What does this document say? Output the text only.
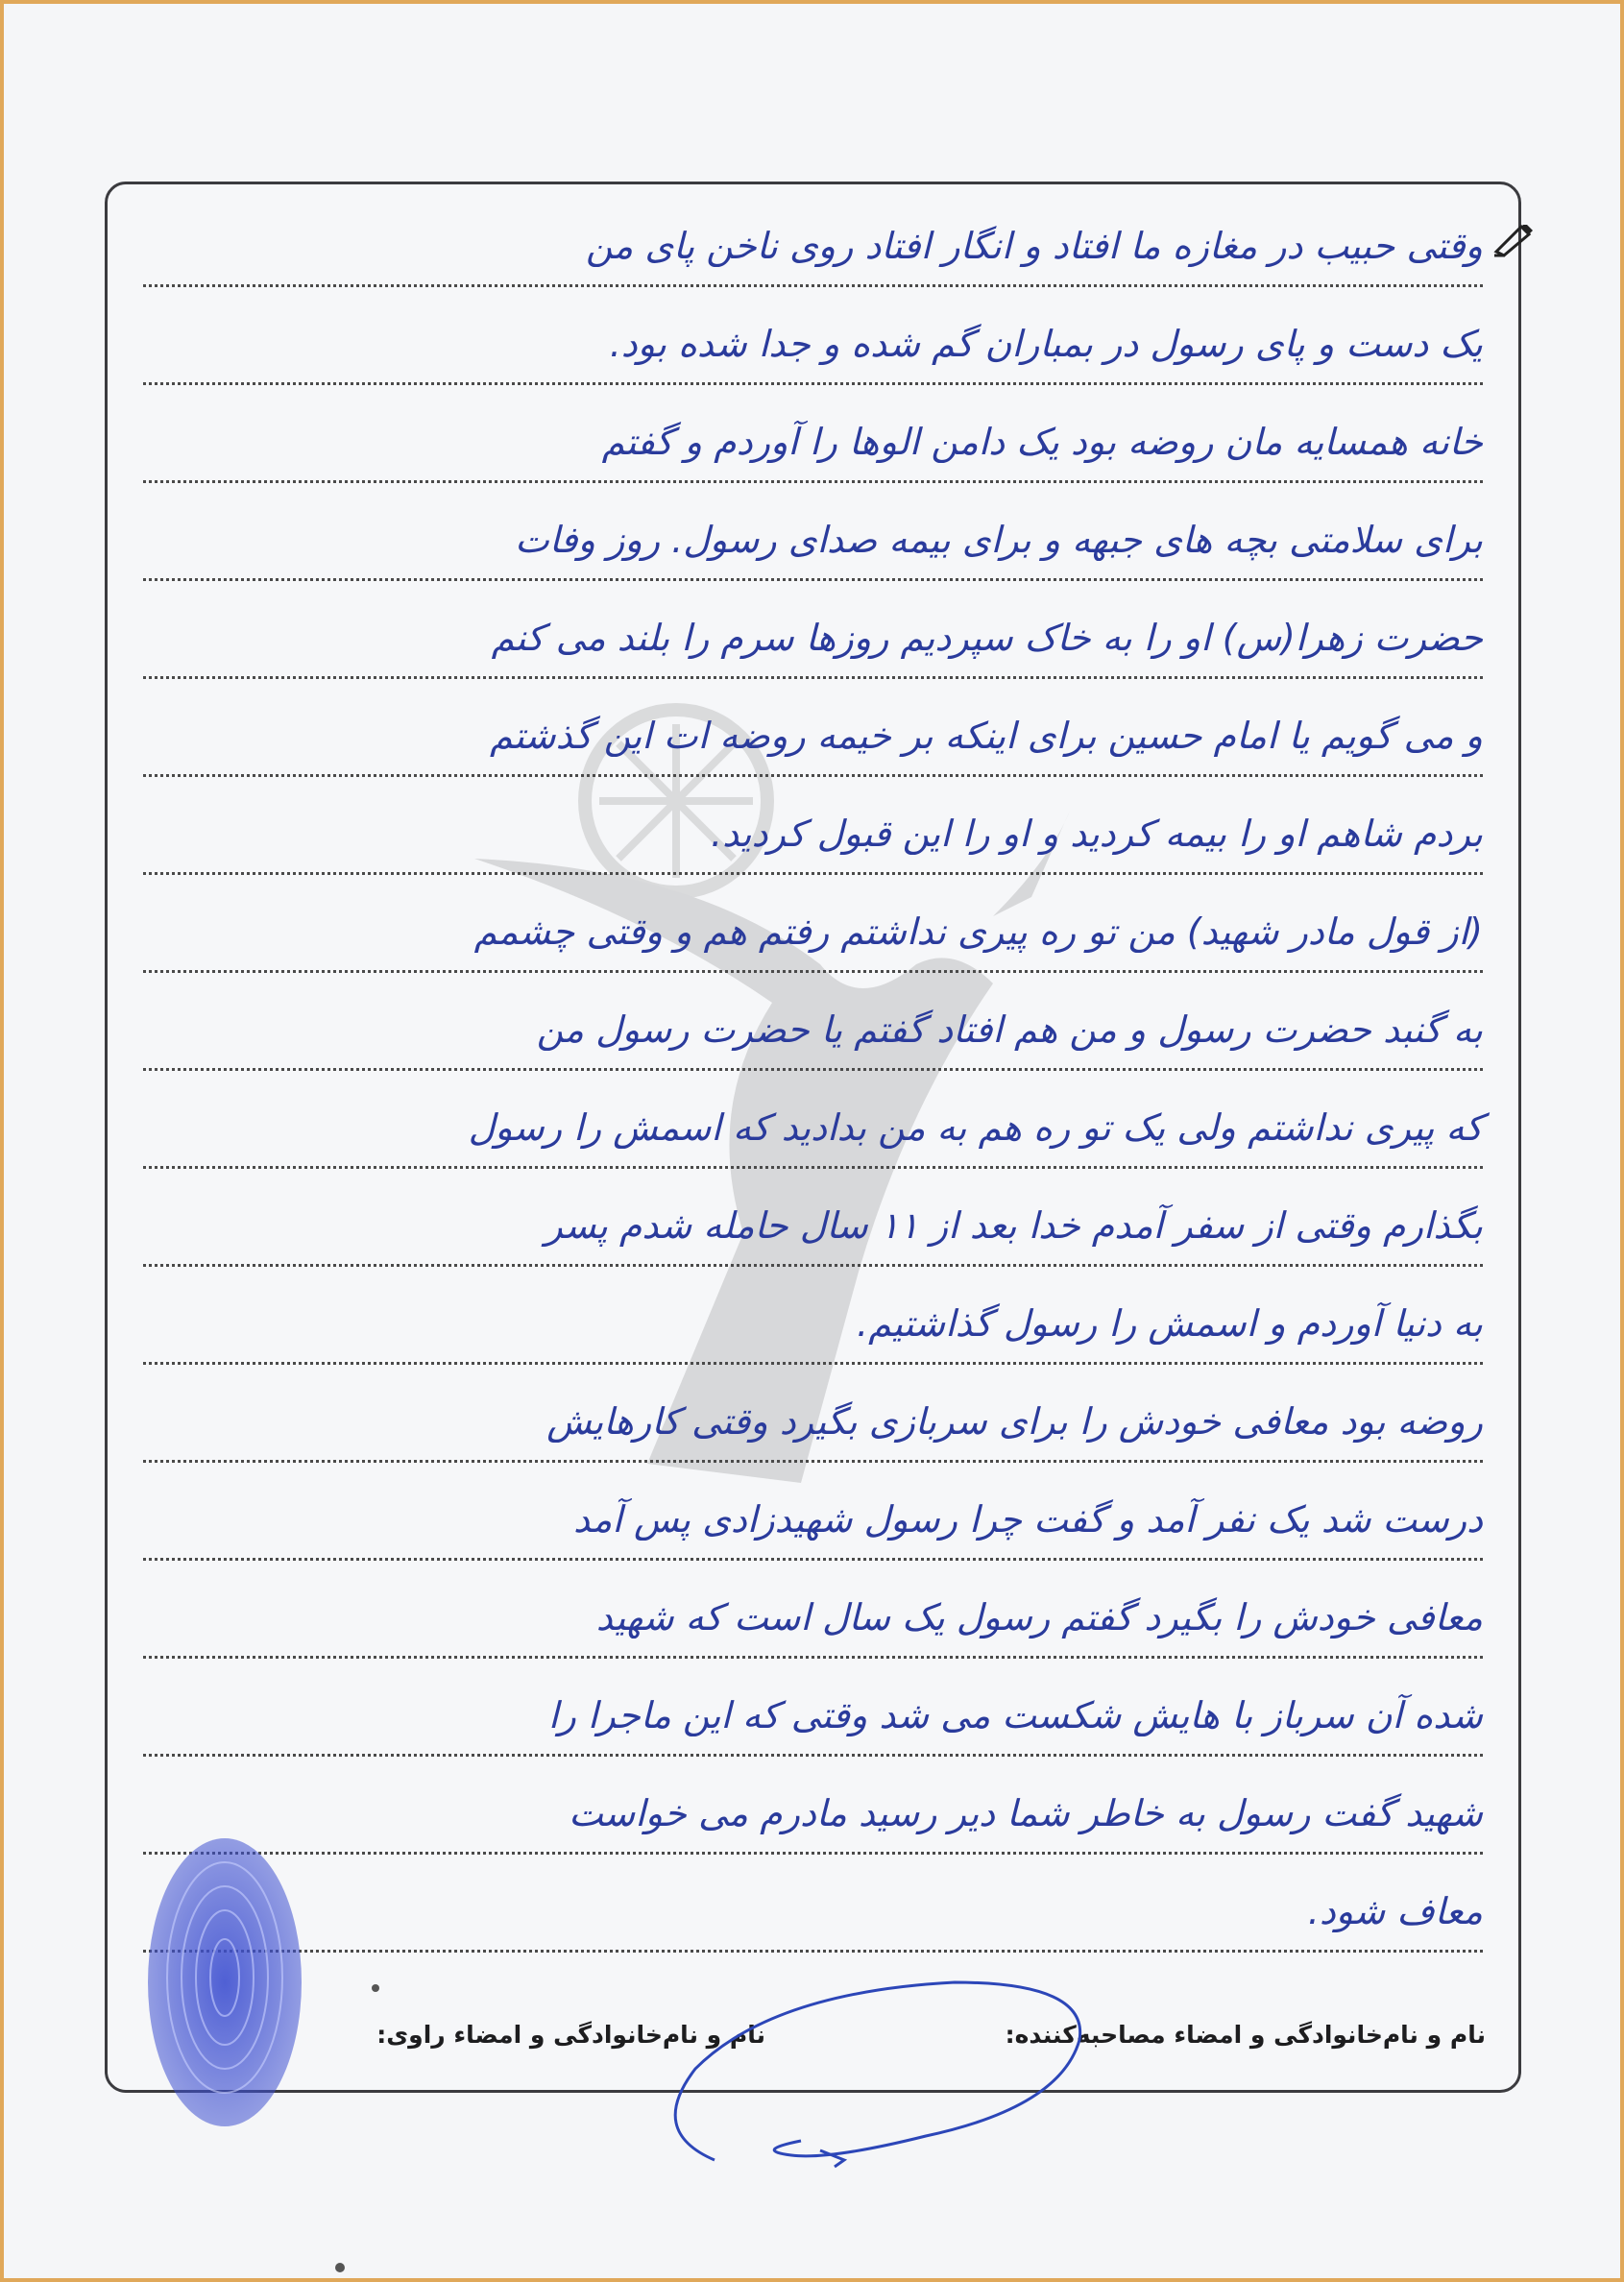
وقتی حبیب در مغازه ما افتاد و انگار افتاد روی ناخن پای من
یک دست و پای رسول در بمباران گم شده و جدا شده بود.
خانه همسایه مان روضه بود یک دامن الوها را آوردم و گفتم
برای سلامتی بچه های جبهه و برای بیمه صدای رسول. روز وفات
حضرت زهرا(س) او را به خاک سپردیم روزها سرم را بلند می کنم
و می گویم یا امام حسین برای اینکه بر خیمه روضه ات این گذشتم
بردم شاهم او را بیمه کردید و او را این قبول کردید.
(از قول مادر شهید) من تو ره پیری نداشتم رفتم هم و وقتی چشمم
به گنبد حضرت رسول و من هم افتاد گفتم یا حضرت رسول من
که پیری نداشتم ولی یک تو ره هم به من بدادید که اسمش را رسول
بگذارم وقتی از سفر آمدم خدا بعد از ۱۱ سال حامله شدم پسر
به دنیا آوردم و اسمش را رسول گذاشتیم.
روضه بود معافی خودش را برای سربازی بگیرد وقتی کارهایش
درست شد یک نفر آمد و گفت چرا رسول شهیدزادی پس آمد
معافی خودش را بگیرد گفتم رسول یک سال است که شهید
شده آن سرباز با هایش شکست می شد وقتی که این ماجرا را
شهید گفت رسول به خاطر شما دیر رسید مادرم می خواست
معاف شود.
نام و نام‌خانوادگی و امضاء مصاحبه‌کننده:
نام و نام‌خانوادگی و امضاء راوی:
